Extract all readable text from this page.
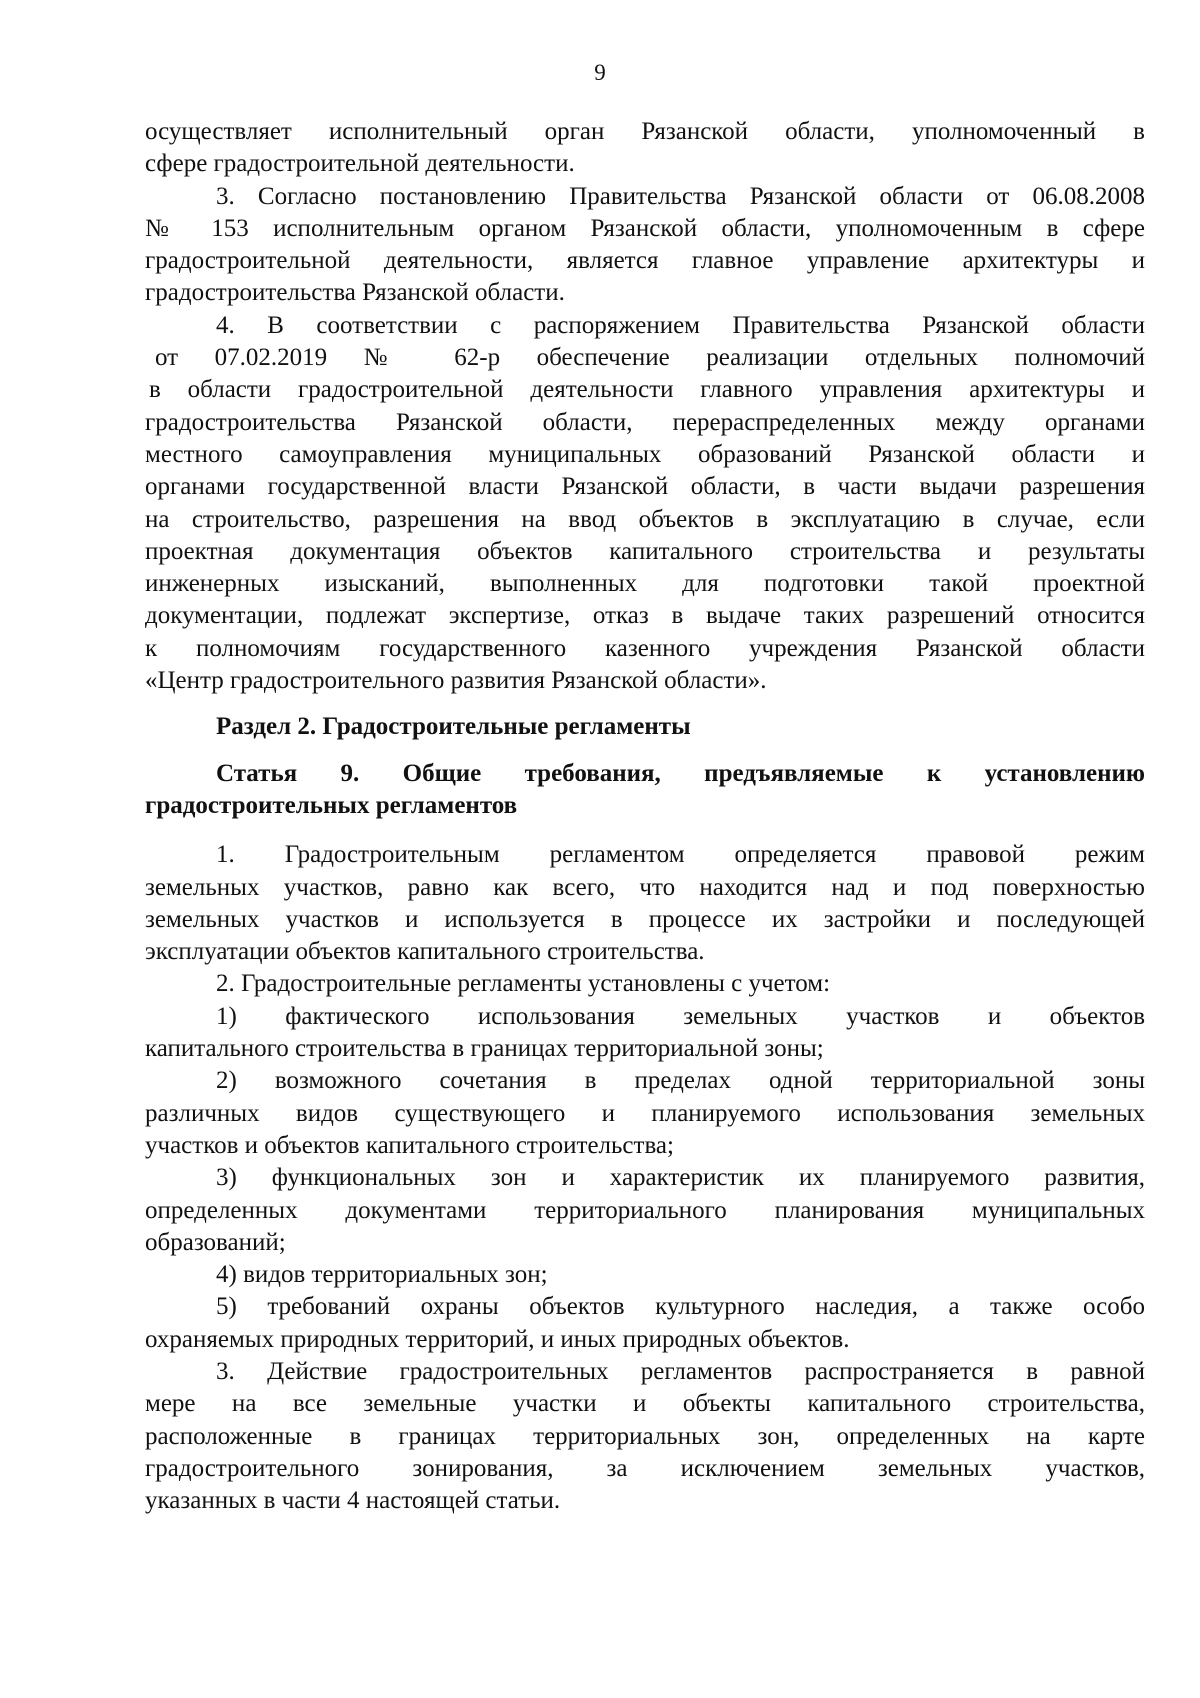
9
осуществляет исполнительный орган Рязанской области, уполномоченный в
сфере градостроительной деятельности.
3. Согласно постановлению Правительства Рязанской области от 06.08.2008
№ 153 исполнительным органом Рязанской области, уполномоченным в сфере
градостроительной деятельности, является главное управление архитектуры и
градостроительства Рязанской области.
4. В соответствии с распоряжением Правительства Рязанской области
от 07.02.2019 № 62-р обеспечение реализации отдельных полномочий
в области градостроительной деятельности главного управления архитектуры и
градостроительства Рязанской области, перераспределенных между органами
местного самоуправления муниципальных образований Рязанской области и
органами государственной власти Рязанской области, в части выдачи разрешения
на строительство, разрешения на ввод объектов в эксплуатацию в случае, если
проектная документация объектов капитального строительства и результаты
инженерных изысканий, выполненных для подготовки такой проектной
документации, подлежат экспертизе, отказ в выдаче таких разрешений относится
к полномочиям государственного казенного учреждения Рязанской области
«Центр градостроительного развития Рязанской области».
Раздел 2. Градостроительные регламенты
Статья 9. Общие требования, предъявляемые к установлению
градостроительных регламентов
1. Градостроительным регламентом определяется правовой режим
земельных участков, равно как всего, что находится над и под поверхностью
земельных участков и используется в процессе их застройки и последующей
эксплуатации объектов капитального строительства.
2. Градостроительные регламенты установлены с учетом:
1) фактического использования земельных участков и объектов
капитального строительства в границах территориальной зоны;
2) возможного сочетания в пределах одной территориальной зоны
различных видов существующего и планируемого использования земельных
участков и объектов капитального строительства;
3) функциональных зон и характеристик их планируемого развития,
определенных документами территориального планирования муниципальных
образований;
4) видов территориальных зон;
5) требований охраны объектов культурного наследия, а также особо
охраняемых природных территорий, и иных природных объектов.
3. Действие градостроительных регламентов распространяется в равной
мере на все земельные участки и объекты капитального строительства,
расположенные в границах территориальных зон, определенных на карте
градостроительного зонирования, за исключением земельных участков,
указанных в части 4 настоящей статьи.
